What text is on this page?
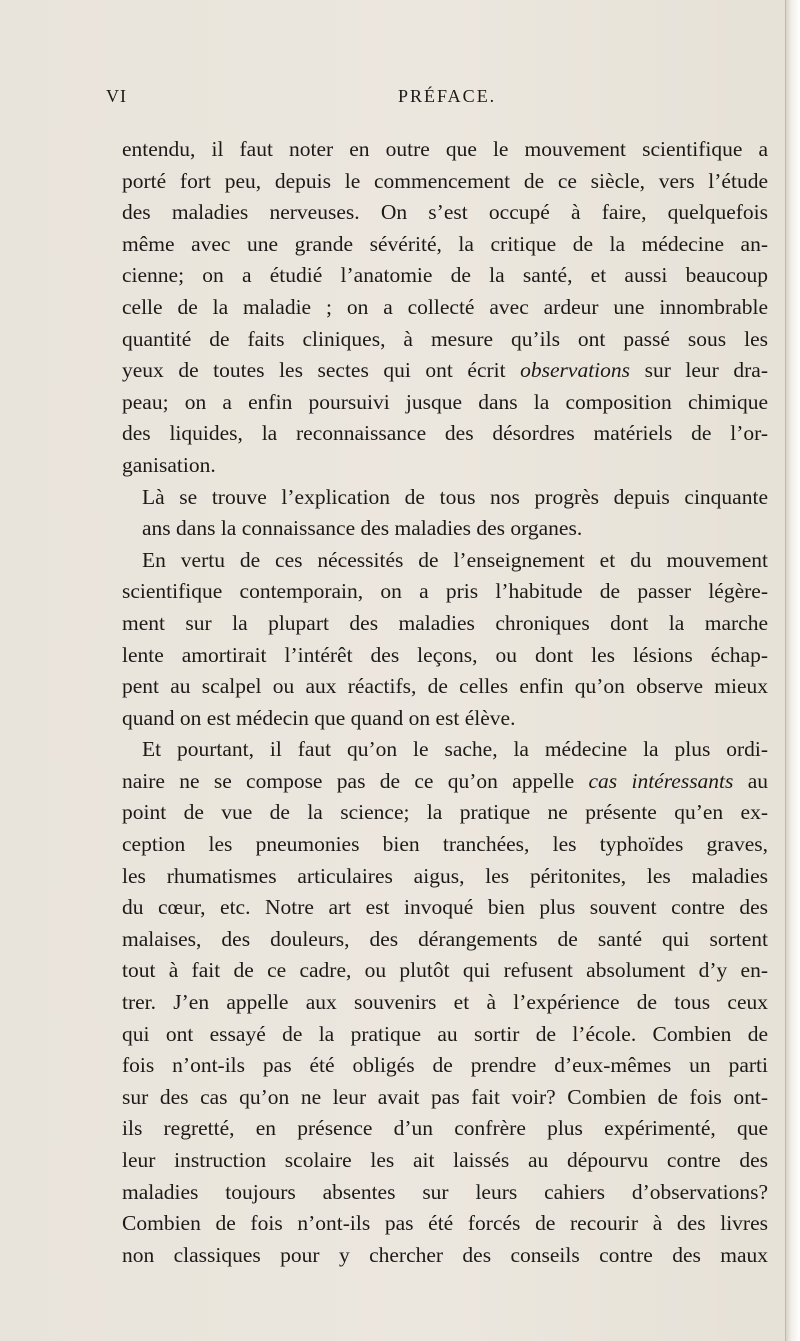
VI	PRÉFACE.

entendu, il faut noter en outre que le mouvement scientifique a

porté fort peu, depuis le commencement de ce siècle, vers l’étude

des maladies nerveuses. On s’est occupé à faire, quelquefois

même avec une grande sévérité, la critique de la médecine an-

cienne; on a étudié l’anatomie de la santé, et aussi beaucoup

celle de la maladie ; on a collecté avec ardeur une innombrable

quantité de faits cliniques, à mesure qu’ils ont passé sous les

yeux de toutes les sectes qui ont écrit observations sur leur dra-

peau; on a enfin poursuivi jusque dans la composition chimique

des liquides, la reconnaissance des désordres matériels de l’or-

ganisation.

Là se trouve l’explication de tous nos progrès depuis cinquante

ans dans la connaissance des maladies des organes.

En vertu de ces nécessités de l’enseignement et du mouvement

scientifique contemporain, on a pris l’habitude de passer légère-

ment sur la plupart des maladies chroniques dont la marche

lente amortirait l’intérêt des leçons, ou dont les lésions échap-

pent au scalpel ou aux réactifs, de celles enfin qu’on observe mieux

quand on est médecin que quand on est élève.

Et pourtant, il faut qu’on le sache, la médecine la plus ordi-

naire ne se compose pas de ce qu’on appelle cas intéressants au

point de vue de la science; la pratique ne présente qu’en ex-

ception les pneumonies bien tranchées, les typhoïdes graves,

les rhumatismes articulaires aigus, les péritonites, les maladies

du cœur, etc. Notre art est invoqué bien plus souvent contre des

malaises, des douleurs, des dérangements de santé qui sortent

tout à fait de ce cadre, ou plutôt qui refusent absolument d’y en-

trer. J’en appelle aux souvenirs et à l’expérience de tous ceux

qui ont essayé de la pratique au sortir de l’école. Combien de

fois n’ont-ils pas été obligés de prendre d’eux-mêmes un parti

sur des cas qu’on ne leur avait pas fait voir? Combien de fois ont-

ils regretté, en présence d’un confrère plus expérimenté, que

leur instruction scolaire les ait laissés au dépourvu contre des

maladies toujours absentes sur leurs cahiers d’observations?

Combien de fois n’ont-ils pas été forcés de recourir à des livres

non classiques pour y chercher des conseils contre des maux
